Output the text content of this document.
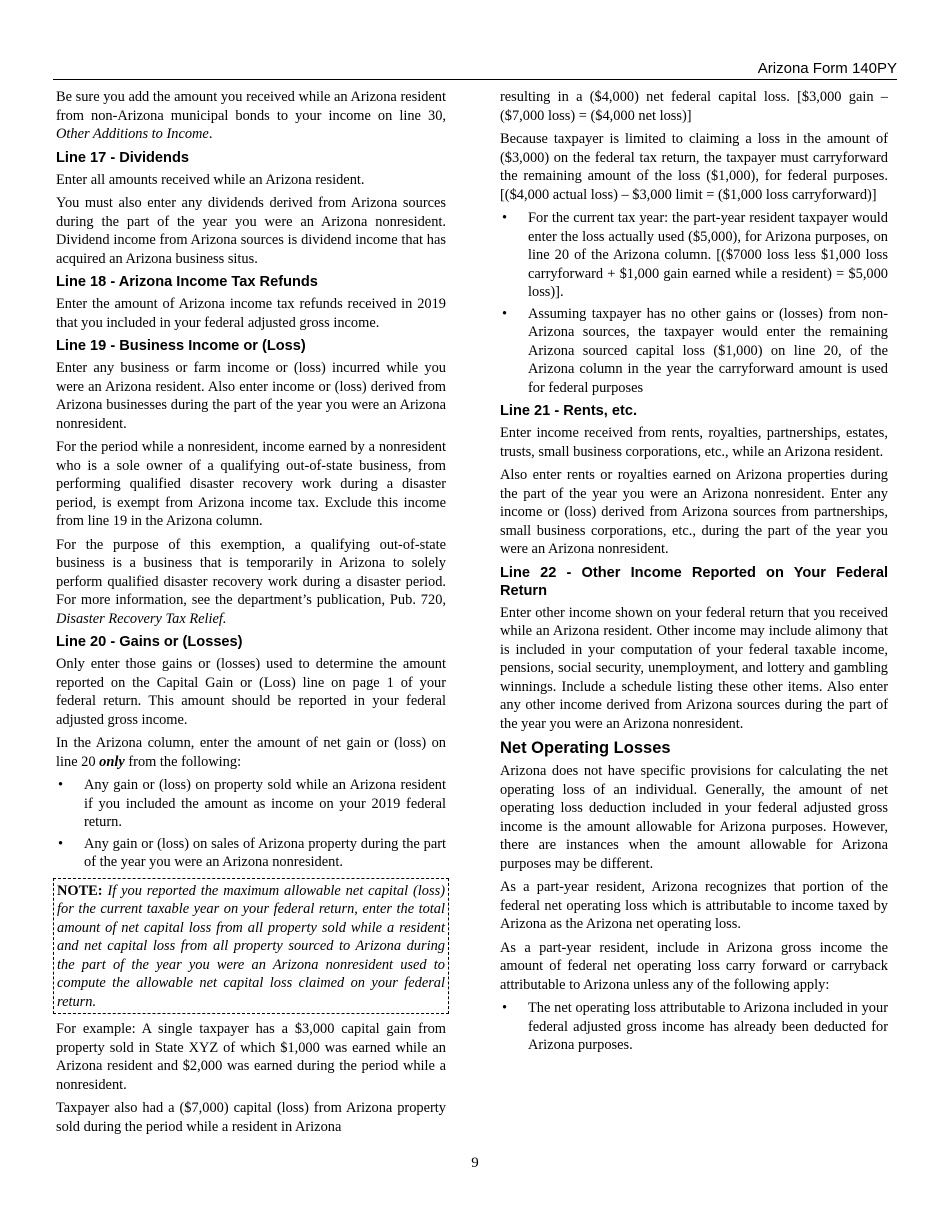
Arizona Form 140PY

Be sure you add the amount you received while an Arizona resident from non-Arizona municipal bonds to your income on line 30, Other Additions to Income.

Line 17 - Dividends

Enter all amounts received while an Arizona resident.

You must also enter any dividends derived from Arizona sources during the part of the year you were an Arizona nonresident. Dividend income from Arizona sources is dividend income that has acquired an Arizona business situs.

Line 18 - Arizona Income Tax Refunds

Enter the amount of Arizona income tax refunds received in 2019 that you included in your federal adjusted gross income.

Line 19 - Business Income or (Loss)

Enter any business or farm income or (loss) incurred while you were an Arizona resident. Also enter income or (loss) derived from Arizona businesses during the part of the year you were an Arizona nonresident.

For the period while a nonresident, income earned by a nonresident who is a sole owner of a qualifying out-of-state business, from performing qualified disaster recovery work during a disaster period, is exempt from Arizona income tax. Exclude this income from line 19 in the Arizona column.

For the purpose of this exemption, a qualifying out-of-state business is a business that is temporarily in Arizona to solely perform qualified disaster recovery work during a disaster period. For more information, see the department’s publication, Pub. 720, Disaster Recovery Tax Relief.

Line 20 - Gains or (Losses)

Only enter those gains or (losses) used to determine the amount reported on the Capital Gain or (Loss) line on page 1 of your federal return. This amount should be reported in your federal adjusted gross income.

In the Arizona column, enter the amount of net gain or (loss) on line 20 only from the following:

• Any gain or (loss) on property sold while an Arizona resident if you included the amount as income on your 2019 federal return.
• Any gain or (loss) on sales of Arizona property during the part of the year you were an Arizona nonresident.

NOTE: If you reported the maximum allowable net capital (loss) for the current taxable year on your federal return, enter the total amount of net capital loss from all property sold while a resident and net capital loss from all property sourced to Arizona during the part of the year you were an Arizona nonresident used to compute the allowable net capital loss claimed on your federal return.

For example: A single taxpayer has a $3,000 capital gain from property sold in State XYZ of which $1,000 was earned while an Arizona resident and $2,000 was earned during the period while a nonresident.

Taxpayer also had a ($7,000) capital (loss) from Arizona property sold during the period while a resident in Arizona

resulting in a ($4,000) net federal capital loss. [$3,000 gain – ($7,000 loss) = ($4,000 net loss)]

Because taxpayer is limited to claiming a loss in the amount of ($3,000) on the federal tax return, the taxpayer must carryforward the remaining amount of the loss ($1,000), for federal purposes. [($4,000 actual loss) – $3,000 limit = ($1,000 loss carryforward)]

• For the current tax year: the part-year resident taxpayer would enter the loss actually used ($5,000), for Arizona purposes, on line 20 of the Arizona column. [($7000 loss less $1,000 loss carryforward + $1,000 gain earned while a resident) = $5,000 loss)].
• Assuming taxpayer has no other gains or (losses) from non-Arizona sources, the taxpayer would enter the remaining Arizona sourced capital loss ($1,000) on line 20, of the Arizona column in the year the carryforward amount is used for federal purposes
Line 21 - Rents, etc.

Enter income received from rents, royalties, partnerships, estates, trusts, small business corporations, etc., while an Arizona resident.

Also enter rents or royalties earned on Arizona properties during the part of the year you were an Arizona nonresident. Enter any income or (loss) derived from Arizona sources from partnerships, small business corporations, etc., during the part of the year you were an Arizona nonresident.

Line 22 - Other Income Reported on Your Federal Return

Enter other income shown on your federal return that you received while an Arizona resident. Other income may include alimony that is included in your computation of your federal taxable income, pensions, social security, unemployment, and lottery and gambling winnings. Include a schedule listing these other items. Also enter any other income derived from Arizona sources during the part of the year you were an Arizona nonresident.

Net Operating Losses

Arizona does not have specific provisions for calculating the net operating loss of an individual. Generally, the amount of net operating loss deduction included in your federal adjusted gross income is the amount allowable for Arizona purposes. However, there are instances when the amount allowable for Arizona purposes may be different.

As a part-year resident, Arizona recognizes that portion of the federal net operating loss which is attributable to income taxed by Arizona as the Arizona net operating loss.

As a part-year resident, include in Arizona gross income the amount of federal net operating loss carry forward or carryback attributable to Arizona unless any of the following apply:

• The net operating loss attributable to Arizona included in your federal adjusted gross income has already been deducted for Arizona purposes.
9
